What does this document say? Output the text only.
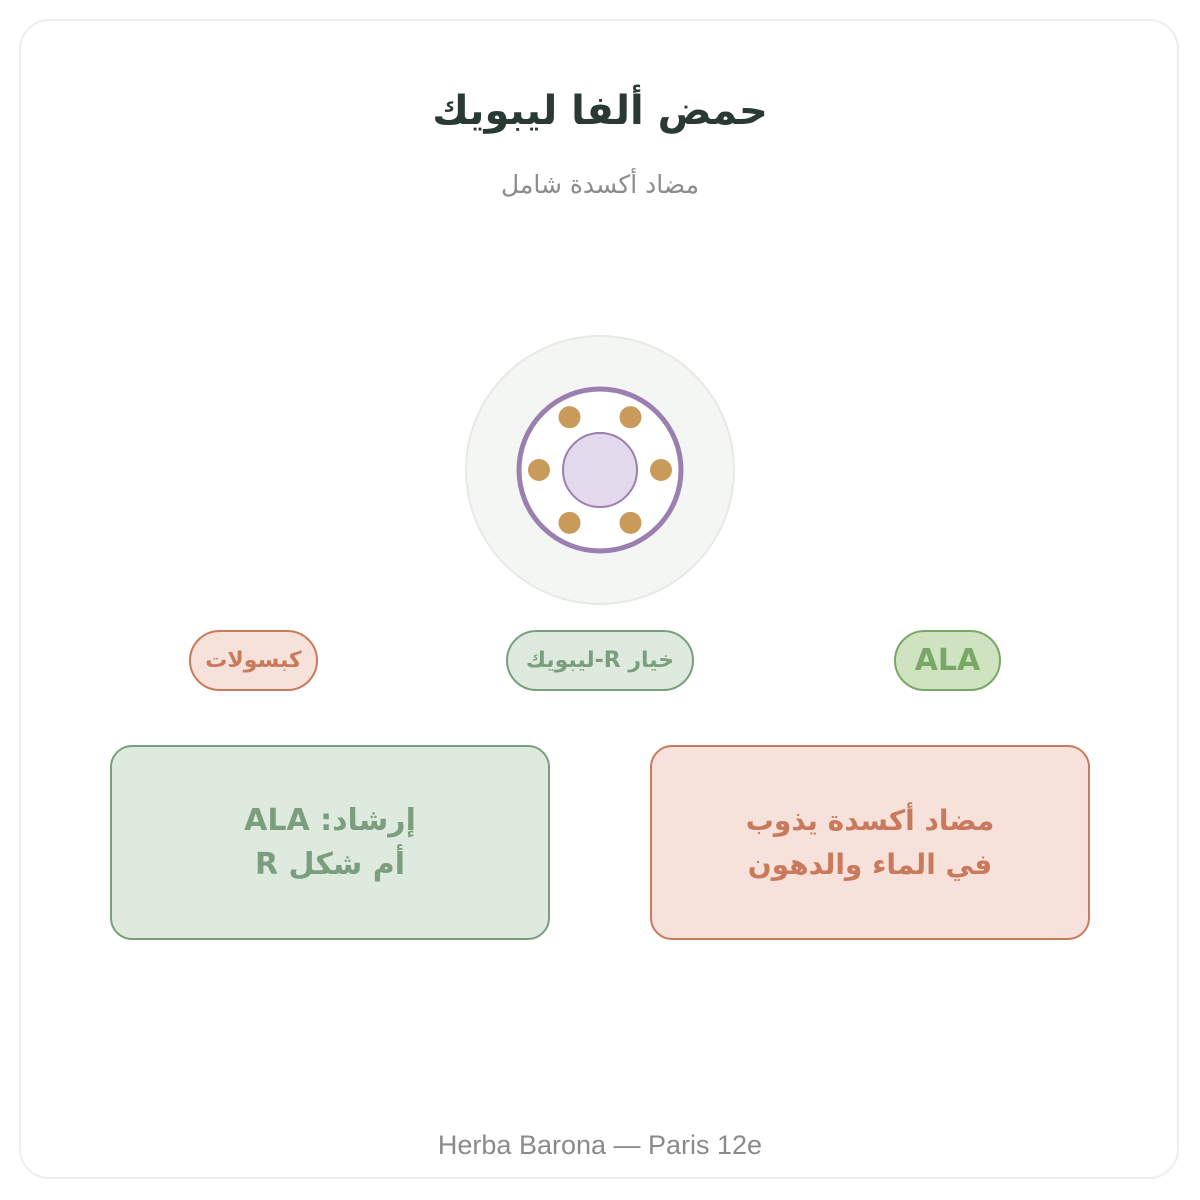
حمض ألفا ليبويك
مضاد أكسدة شامل
كبسولات	خيار R-ليبويك	ALA
إرشاد: ALA
أم شكل R
مضاد أكسدة يذوب
في الماء والدهون
Herba Barona — Paris 12e
